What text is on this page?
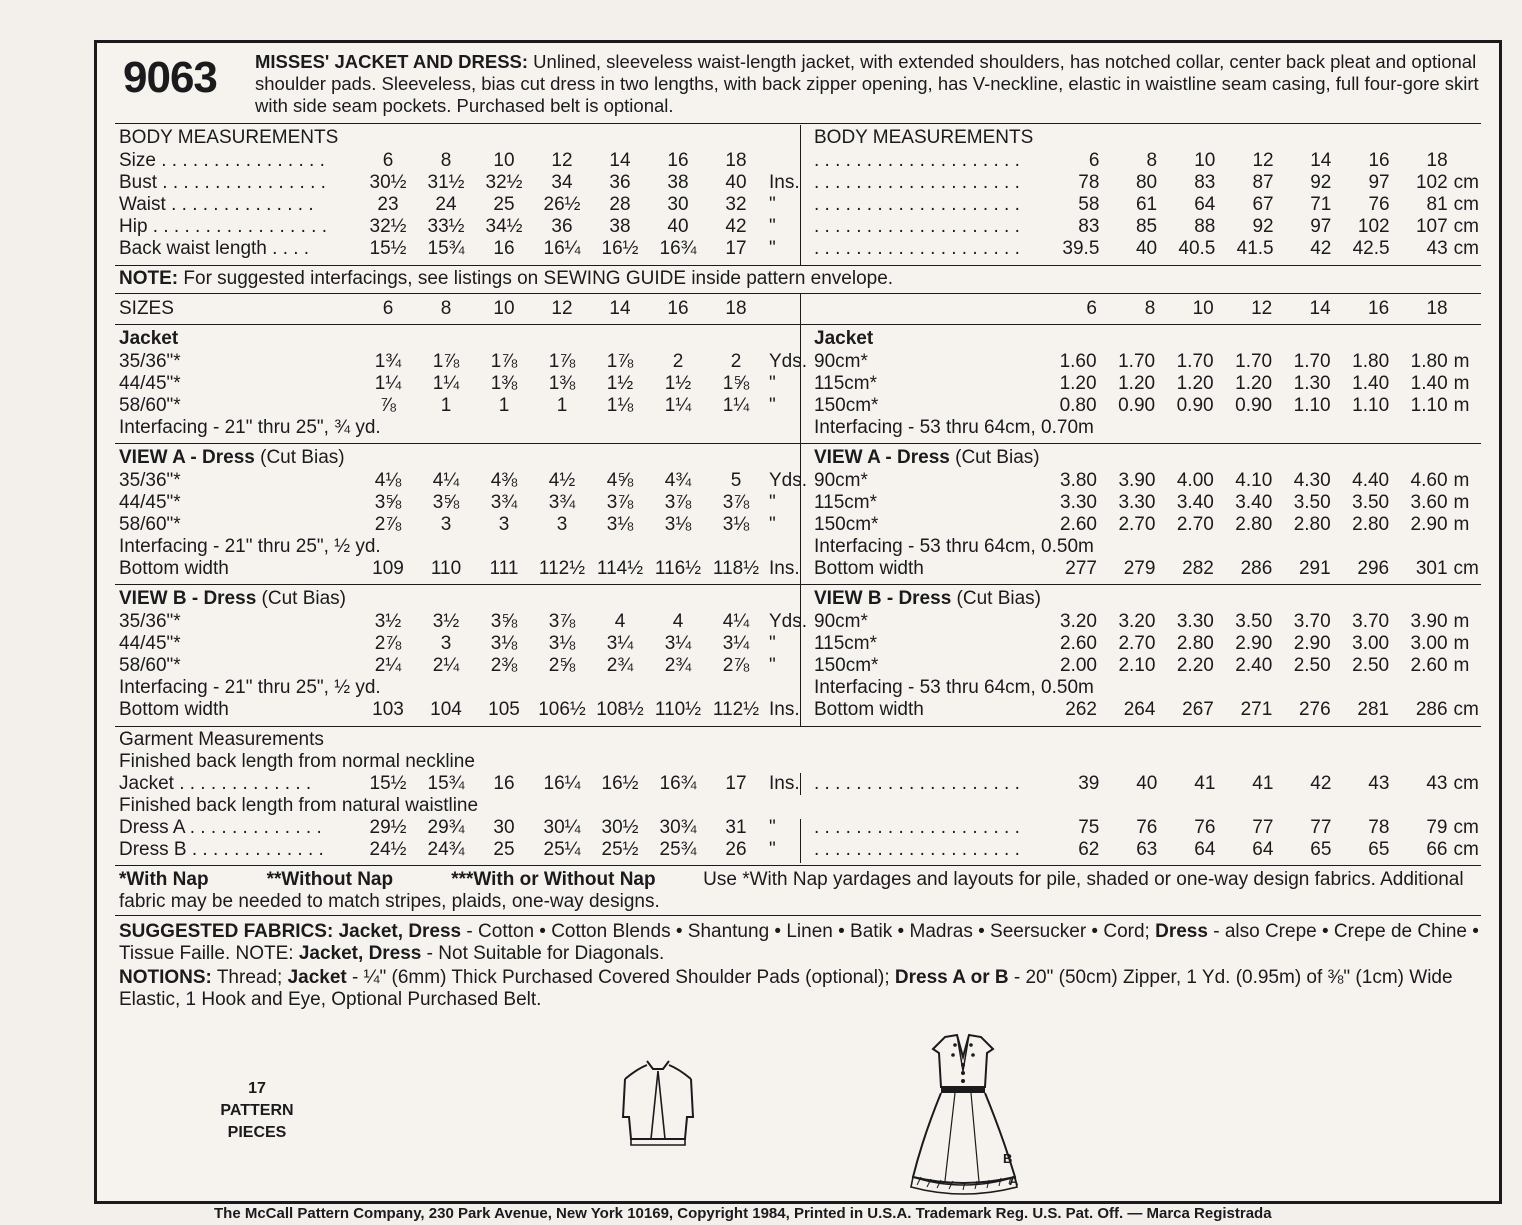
9063 MISSES' JACKET AND DRESS: Unlined, sleeveless waist-length jacket, with extended shoulders, has notched collar, center back pleat and optional shoulder pads. Sleeveless, bias cut dress in two lengths, with back zipper opening, has V-neckline, elastic in waistline seam casing, full four-gore skirt with side seam pockets. Purchased belt is optional.
BODY MEASUREMENTS
Size . . . . . . . . . . . . . . . .	6	8	10	12	14	16	18	
Bust . . . . . . . . . . . . . . . .	30½	31½	32½	34	36	38	40	Ins.
Waist . . . . . . . . . . . . . .	23	24	25	26½	28	30	32	"
Hip . . . . . . . . . . . . . . . . .	32½	33½	34½	36	38	40	42	"
Back waist length . . . .	15½	15¾	16	16¼	16½	16¾	17	"
BODY MEASUREMENTS
. . . . . . . . . . . . . . . . . . . .	6	8	10	12	14	16	18	
. . . . . . . . . . . . . . . . . . . .	78	80	83	87	92	97	102	cm
. . . . . . . . . . . . . . . . . . . .	58	61	64	67	71	76	81	cm
. . . . . . . . . . . . . . . . . . . .	83	85	88	92	97	102	107	cm
. . . . . . . . . . . . . . . . . . . .	39.5	40	40.5	41.5	42	42.5	43	cm
NOTE: For suggested interfacings, see listings on SEWING GUIDE inside pattern envelope.
SIZES	6	8	10	12	14	16	18	
		6	8	10	12	14	16	18	
Jacket
35/36"*	1¾	1⅞	1⅞	1⅞	1⅞	2	2	Yds.
44/45"*	1¼	1¼	1⅜	1⅜	1½	1½	1⅝	"
58/60"*	⅞	1	1	1	1⅛	1¼	1¼	"
Interfacing - 21" thru 25", ¾ yd.								
VIEW A - Dress (Cut Bias)
35/36"*	4⅛	4¼	4⅜	4½	4⅝	4¾	5	Yds.
44/45"*	3⅝	3⅝	3¾	3¾	3⅞	3⅞	3⅞	"
58/60"*	2⅞	3	3	3	3⅛	3⅛	3⅛	"
Interfacing - 21" thru 25", ½ yd.								
Bottom width	109	110	111	112½	114½	116½	118½	Ins.
VIEW B - Dress (Cut Bias)
35/36"*	3½	3½	3⅝	3⅞	4	4	4¼	Yds.
44/45"*	2⅞	3	3⅛	3⅛	3¼	3¼	3¼	"
58/60"*	2¼	2¼	2⅜	2⅝	2¾	2¾	2⅞	"
Interfacing - 21" thru 25", ½ yd.								
Bottom width	103	104	105	106½	108½	110½	112½	Ins.
Jacket
90cm*	1.60	1.70	1.70	1.70	1.70	1.80	1.80	m
115cm*	1.20	1.20	1.20	1.20	1.30	1.40	1.40	m
150cm*	0.80	0.90	0.90	0.90	1.10	1.10	1.10	m
Interfacing - 53 thru 64cm, 0.70m								
VIEW A - Dress (Cut Bias)
90cm*	3.80	3.90	4.00	4.10	4.30	4.40	4.60	m
115cm*	3.30	3.30	3.40	3.40	3.50	3.50	3.60	m
150cm*	2.60	2.70	2.70	2.80	2.80	2.80	2.90	m
Interfacing - 53 thru 64cm, 0.50m								
Bottom width	277	279	282	286	291	296	301	cm
VIEW B - Dress (Cut Bias)
90cm*	3.20	3.20	3.30	3.50	3.70	3.70	3.90	m
115cm*	2.60	2.70	2.80	2.90	2.90	3.00	3.00	m
150cm*	2.00	2.10	2.20	2.40	2.50	2.50	2.60	m
Interfacing - 53 thru 64cm, 0.50m								
Bottom width	262	264	267	271	276	281	286	cm
Garment Measurements
Finished back length from normal neckline
Jacket . . . . . . . . . . . . .	15½	15¾	16	16¼	16½	16¾	17	Ins.
Finished back length from natural waistline
Dress A . . . . . . . . . . . . .	29½	29¾	30	30¼	30½	30¾	31	"
Dress B . . . . . . . . . . . . .	24½	24¾	25	25¼	25½	25¾	26	"
. . . . . . . . . . . . . . . . . . . .	39	40	41	41	42	43	43	cm
. . . . . . . . . . . . . . . . . . . .	75	76	76	77	77	78	79	cm
. . . . . . . . . . . . . . . . . . . .	62	63	64	64	65	65	66	cm
*With Nap	**Without Nap	***With or Without Nap	Use *With Nap yardages and layouts for pile, shaded or one-way design fabrics. Additional fabric may be needed to match stripes, plaids, one-way designs.
SUGGESTED FABRICS: Jacket, Dress - Cotton • Cotton Blends • Shantung • Linen • Batik • Madras • Seersucker • Cord; Dress - also Crepe • Crepe de Chine • Tissue Faille. NOTE: Jacket, Dress - Not Suitable for Diagonals.
NOTIONS: Thread; Jacket - ¼" (6mm) Thick Purchased Covered Shoulder Pads (optional); Dress A or B - 20" (50cm) Zipper, 1 Yd. (0.95m) of ⅜" (1cm) Wide Elastic, 1 Hook and Eye, Optional Purchased Belt.
17
PATTERN
PIECES
B
A
The McCall Pattern Company, 230 Park Avenue, New York 10169, Copyright 1984, Printed in U.S.A. Trademark Reg. U.S. Pat. Off. — Marca Registrada
